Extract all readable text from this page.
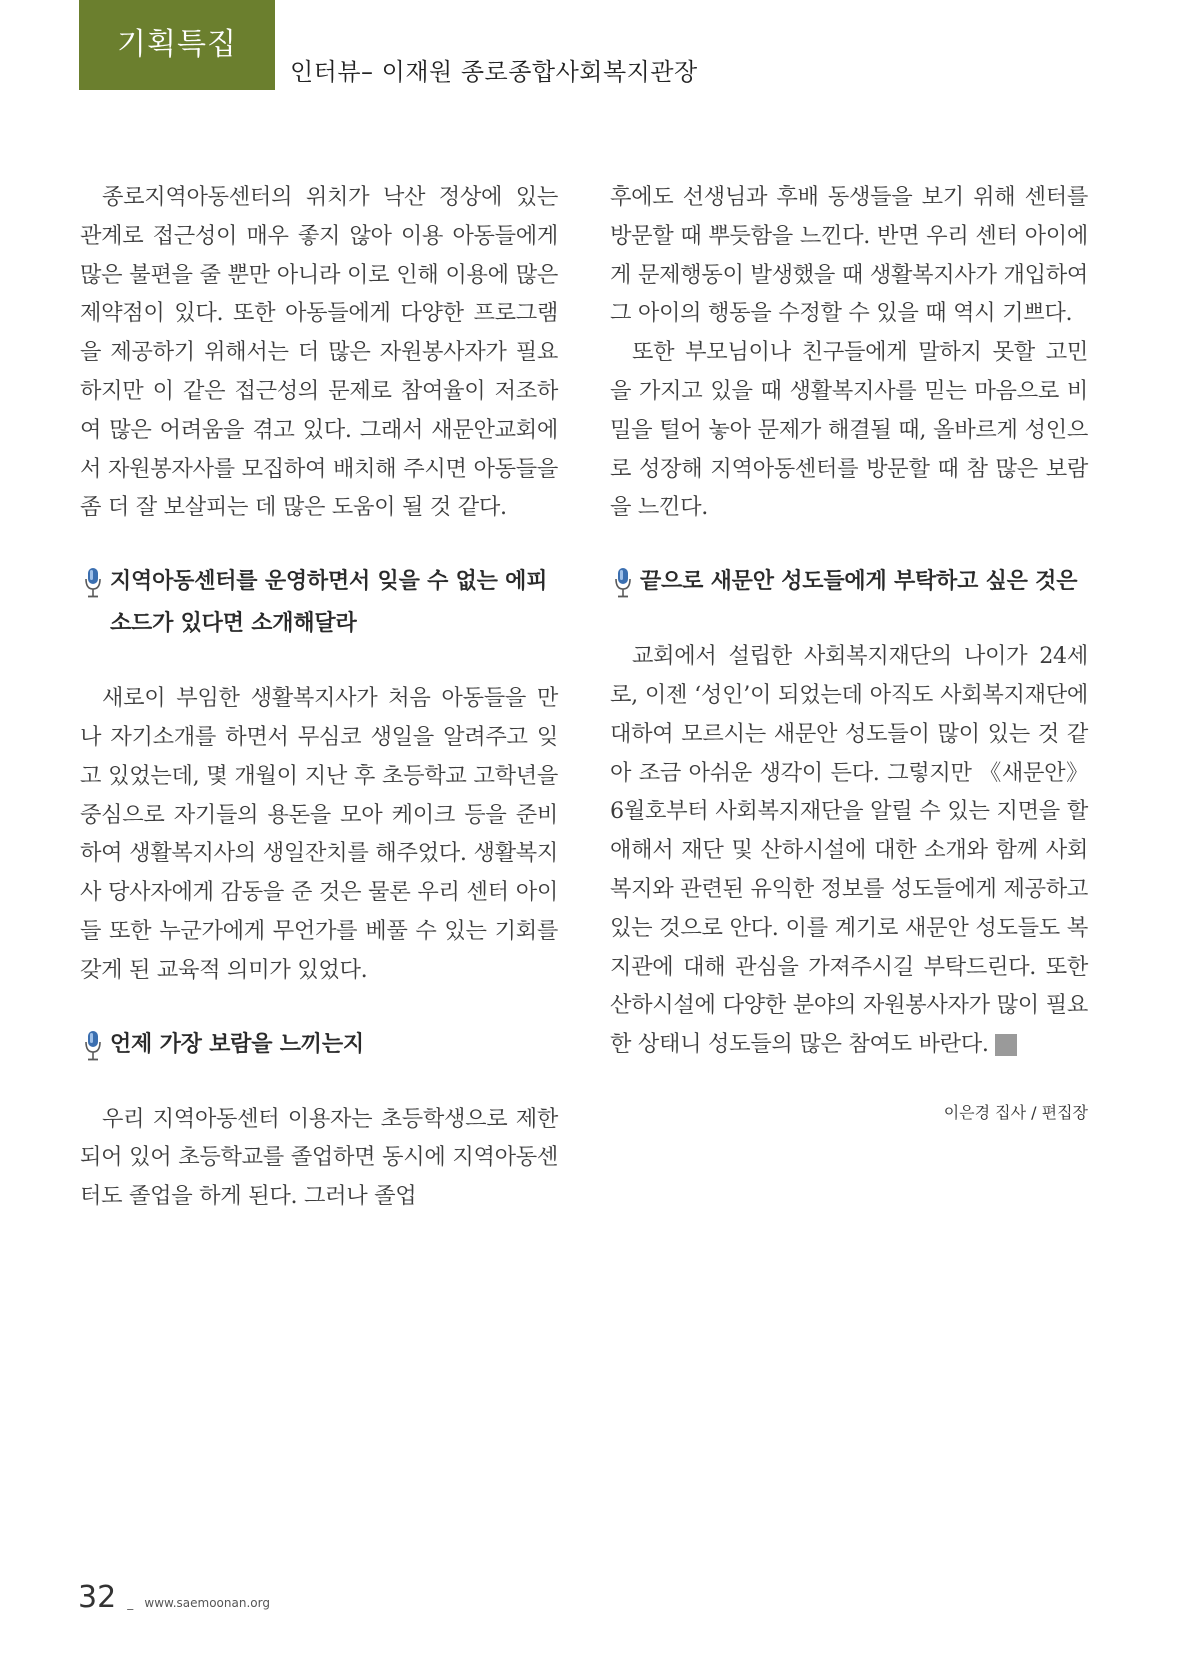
기획특집
인터뷰– 이재원 종로종합사회복지관장

종로지역아동센터의 위치가 낙산 정상에 있는 관계로 접근성이 매우 좋지 않아 이용 아동들에게 많은 불편을 줄 뿐만 아니라 이로 인해 이용에 많은 제약점이 있다. 또한 아동들에게 다양한 프로그램을 제공하기 위해서는 더 많은 자원봉사자가 필요하지만 이 같은 접근성의 문제로 참여율이 저조하여 많은 어려움을 겪고 있다. 그래서 새문안교회에서 자원봉자사를 모집하여 배치해 주시면 아동들을 좀 더 잘 보살피는 데 많은 도움이 될 것 같다.

지역아동센터를 운영하면서 잊을 수 없는 에피소드가 있다면 소개해달라

새로이 부임한 생활복지사가 처음 아동들을 만나 자기소개를 하면서 무심코 생일을 알려주고 잊고 있었는데, 몇 개월이 지난 후 초등학교 고학년을 중심으로 자기들의 용돈을 모아 케이크 등을 준비하여 생활복지사의 생일잔치를 해주었다. 생활복지사 당사자에게 감동을 준 것은 물론 우리 센터 아이들 또한 누군가에게 무언가를 베풀 수 있는 기회를 갖게 된 교육적 의미가 있었다.

언제 가장 보람을 느끼는지

우리 지역아동센터 이용자는 초등학생으로 제한되어 있어 초등학교를 졸업하면 동시에 지역아동센터도 졸업을 하게 된다. 그러나 졸업

후에도 선생님과 후배 동생들을 보기 위해 센터를 방문할 때 뿌듯함을 느낀다. 반면 우리 센터 아이에게 문제행동이 발생했을 때 생활복지사가 개입하여 그 아이의 행동을 수정할 수 있을 때 역시 기쁘다.

또한 부모님이나 친구들에게 말하지 못할 고민을 가지고 있을 때 생활복지사를 믿는 마음으로 비밀을 털어 놓아 문제가 해결될 때, 올바르게 성인으로 성장해 지역아동센터를 방문할 때 참 많은 보람을 느낀다.

끝으로 새문안 성도들에게 부탁하고 싶은 것은

교회에서 설립한 사회복지재단의 나이가 24세로, 이젠 ‘성인’이 되었는데 아직도 사회복지재단에 대하여 모르시는 새문안 성도들이 많이 있는 것 같아 조금 아쉬운 생각이 든다. 그렇지만 《새문안》6월호부터 사회복지재단을 알릴 수 있는 지면을 할애해서 재단 및 산하시설에 대한 소개와 함께 사회복지와 관련된 유익한 정보를 성도들에게 제공하고 있는 것으로 안다. 이를 계기로 새문안 성도들도 복지관에 대해 관심을 가져주시길 부탁드린다. 또한 산하시설에 다양한 분야의 자원봉사자가 많이 필요한 상태니 성도들의 많은 참여도 바란다. 새

이은경 집사 / 편집장
32 _ www.saemoonan.org
